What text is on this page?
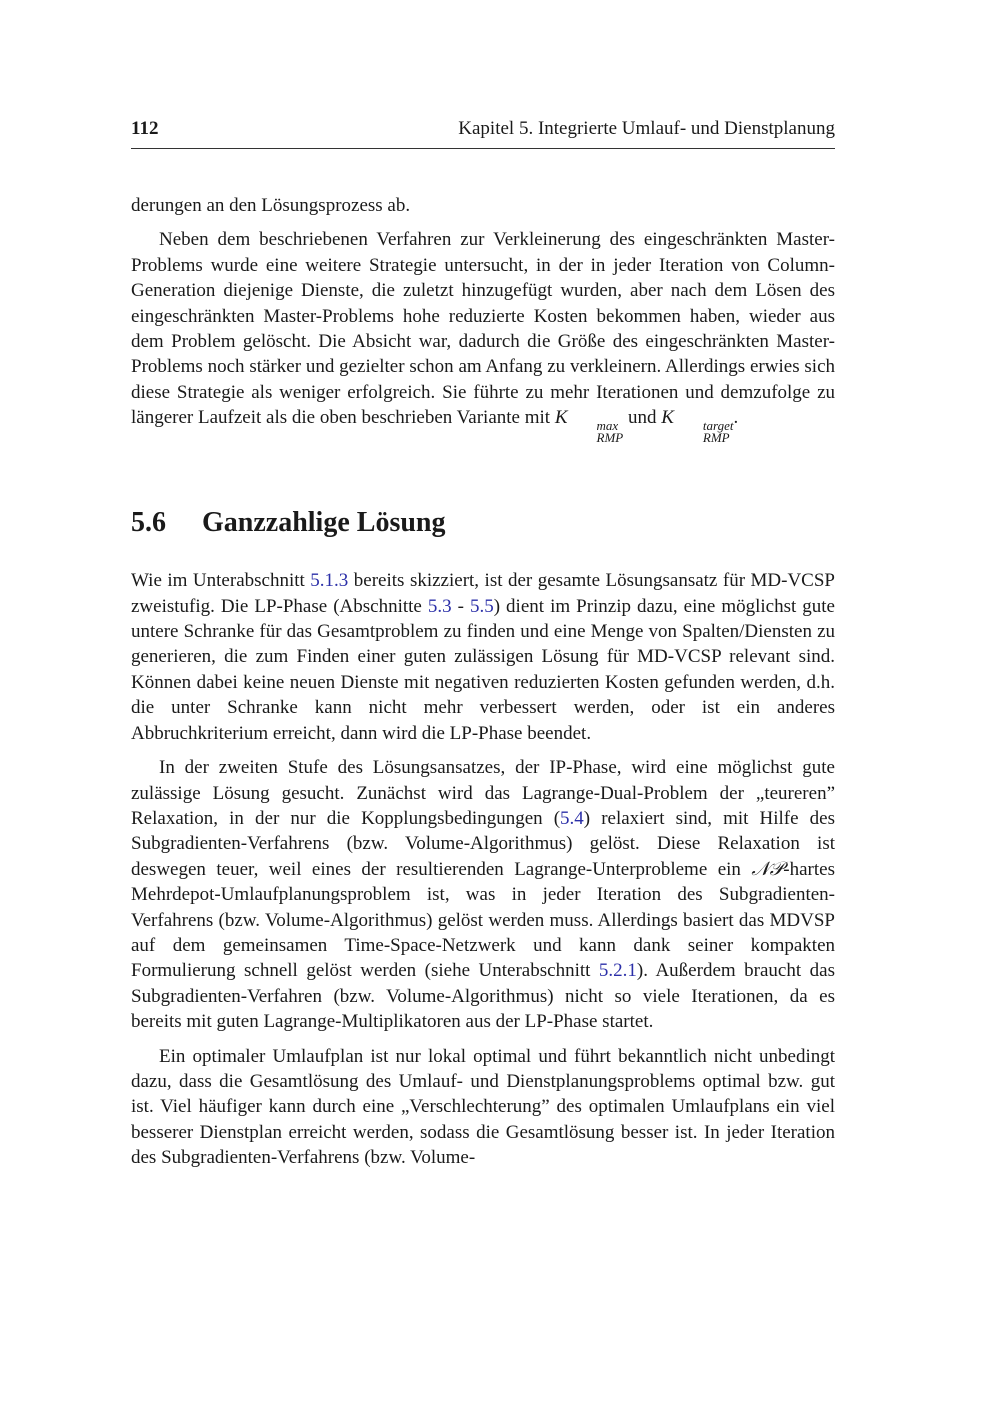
112	Kapitel 5. Integrierte Umlauf- und Dienstplanung

derungen an den Lösungsprozess ab.

Neben dem beschriebenen Verfahren zur Verkleinerung des eingeschränkten Master-Problems wurde eine weitere Strategie untersucht, in der in jeder Iteration von Column-Generation diejenige Dienste, die zuletzt hinzugefügt wurden, aber nach dem Lösen des eingeschränkten Master-Problems hohe reduzierte Kosten bekommen haben, wieder aus dem Problem gelöscht. Die Absicht war, dadurch die Größe des eingeschränkten Master-Problems noch stärker und gezielter schon am Anfang zu verkleinern. Allerdings erwies sich diese Strategie als weniger erfolgreich. Sie führte zu mehr Iterationen und demzufolge zu längerer Laufzeit als die oben beschrieben Variante mit K	max
RMP
und K	target
RMP
.

5.6	Ganzzahlige Lösung

Wie im Unterabschnitt 5.1.3 bereits skizziert, ist der gesamte Lösungsansatz für MD-VCSP zweistufig. Die LP-Phase (Abschnitte 5.3 - 5.5) dient im Prinzip dazu, eine möglichst gute untere Schranke für das Gesamtproblem zu finden und eine Menge von Spalten/Diensten zu generieren, die zum Finden einer guten zulässigen Lösung für MD-VCSP relevant sind. Können dabei keine neuen Dienste mit negativen reduzierten Kosten gefunden werden, d.h. die unter Schranke kann nicht mehr verbessert werden, oder ist ein anderes Abbruchkriterium erreicht, dann wird die LP-Phase beendet.

In der zweiten Stufe des Lösungsansatzes, der IP-Phase, wird eine möglichst gute zulässige Lösung gesucht. Zunächst wird das Lagrange-Dual-Problem der „teureren” Relaxation, in der nur die Kopplungsbedingungen (5.4) relaxiert sind, mit Hilfe des Subgradienten-Verfahrens (bzw. Volume-Algorithmus) gelöst. Diese Relaxation ist deswegen teuer, weil eines der resultierenden Lagrange-Unterprobleme ein 𝒩𝒫-hartes Mehrdepot-Umlaufplanungsproblem ist, was in jeder Iteration des Subgradienten-Verfahrens (bzw. Volume-Algorithmus) gelöst werden muss. Allerdings basiert das MDVSP auf dem gemeinsamen Time-Space-Netzwerk und kann dank seiner kompakten Formulierung schnell gelöst werden (siehe Unterabschnitt 5.2.1). Außerdem braucht das Subgradienten-Verfahren (bzw. Volume-Algorithmus) nicht so viele Iterationen, da es bereits mit guten Lagrange-Multiplikatoren aus der LP-Phase startet.

Ein optimaler Umlaufplan ist nur lokal optimal und führt bekanntlich nicht unbedingt dazu, dass die Gesamtlösung des Umlauf- und Dienstplanungsproblems optimal bzw. gut ist. Viel häufiger kann durch eine „Verschlechterung” des optimalen Umlaufplans ein viel besserer Dienstplan erreicht werden, sodass die Gesamtlösung besser ist. In jeder Iteration des Subgradienten-Verfahrens (bzw. Volume-
